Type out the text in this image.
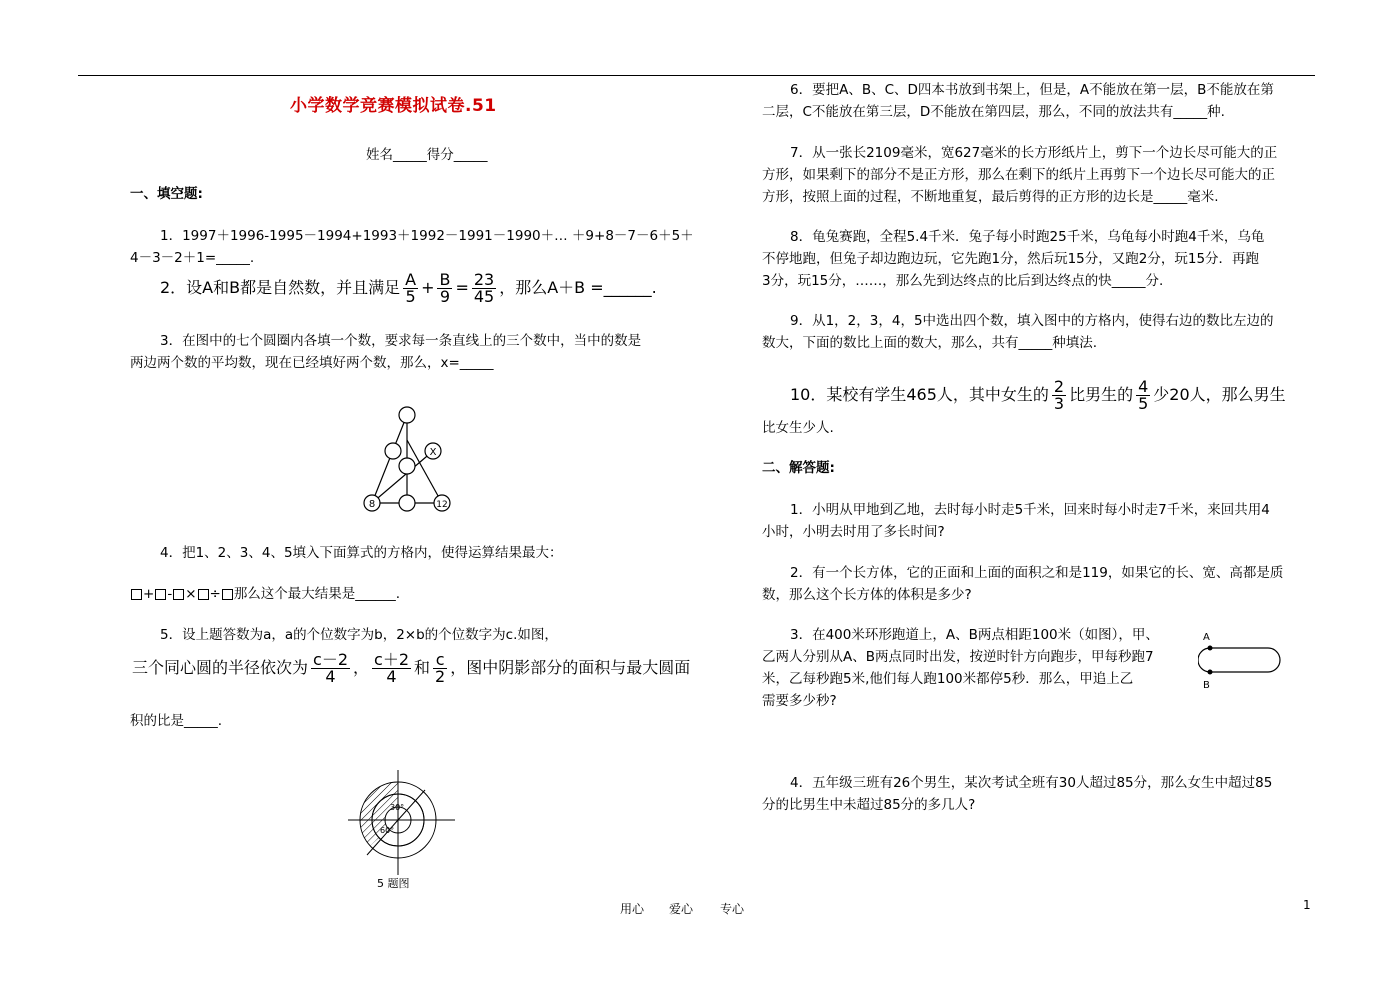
小学数学竞赛模拟试卷.51
姓名_____得分_____
一、填空题:
1．1997＋1996-1995－1994+1993＋1992－1991－1990＋… ＋9+8－7－6＋5＋
4－3－2＋1=_____.
2．设A和B都是自然数，并且满足 $\frac{A}{5} + \frac{B}{9} = \frac{23}{45}$ ，那么A＋B =______.
3．在图中的七个圆圈内各填一个数，要求每一条直线上的三个数中，当中的数是
两边两个数的平均数，现在已经填好两个数，那么，x=_____
X
8	12
4．把1、2、3、4、5填入下面算式的方格内，使得运算结果最大：
+ - × ÷ 那么这个最大结果是______.
5．设上题答数为a，a的个位数字为b，2×b的个位数字为c.如图，
三个同心圆的半径依次为 $\frac{c-2}{4}$ ， $\frac{c+2}{4}$ 和 $\frac{c}{2}$ ，图中阴影部分的面积与最大圆面
积的比是_____.
30°
60°
5 题图
6．要把A、B、C、D四本书放到书架上，但是，A不能放在第一层，B不能放在第
二层，C不能放在第三层，D不能放在第四层，那么，不同的放法共有_____种.
7．从一张长2109毫米，宽627毫米的长方形纸片上，剪下一个边长尽可能大的正
方形，如果剩下的部分不是正方形，那么在剩下的纸片上再剪下一个边长尽可能大的正
方形，按照上面的过程，不断地重复，最后剪得的正方形的边长是_____毫米.
8．龟兔赛跑，全程5.4千米．兔子每小时跑25千米，乌龟每小时跑4千米，乌龟
不停地跑，但兔子却边跑边玩，它先跑1分，然后玩15分，又跑2分，玩15分．再跑
3分，玩15分，……，那么先到达终点的比后到达终点的快_____分.
9．从1，2，3，4，5中选出四个数，填入图中的方格内，使得右边的数比左边的
数大，下面的数比上面的数大，那么，共有_____种填法.
10．某校有学生465人，其中女生的 $\frac{2}{3}$ 比男生的 $\frac{4}{5}$ 少20人，那么男生
比女生少人.
二、解答题:
1．小明从甲地到乙地，去时每小时走5千米，回来时每小时走7千米，来回共用4
小时，小明去时用了多长时间?
2．有一个长方体，它的正面和上面的面积之和是119，如果它的长、宽、高都是质
数，那么这个长方体的体积是多少?
3．在400米环形跑道上，A、B两点相距100米（如图），甲、
乙两人分别从A、B两点同时出发，按逆时针方向跑步，甲每秒跑7
米，乙每秒跑5米,他们每人跑100米都停5秒．那么，甲追上乙
需要多少秒?
A
B
4．五年级三班有26个男生，某次考试全班有30人超过85分，那么女生中超过85
分的比男生中未超过85分的多几人?
用心 爱心 专心	1
